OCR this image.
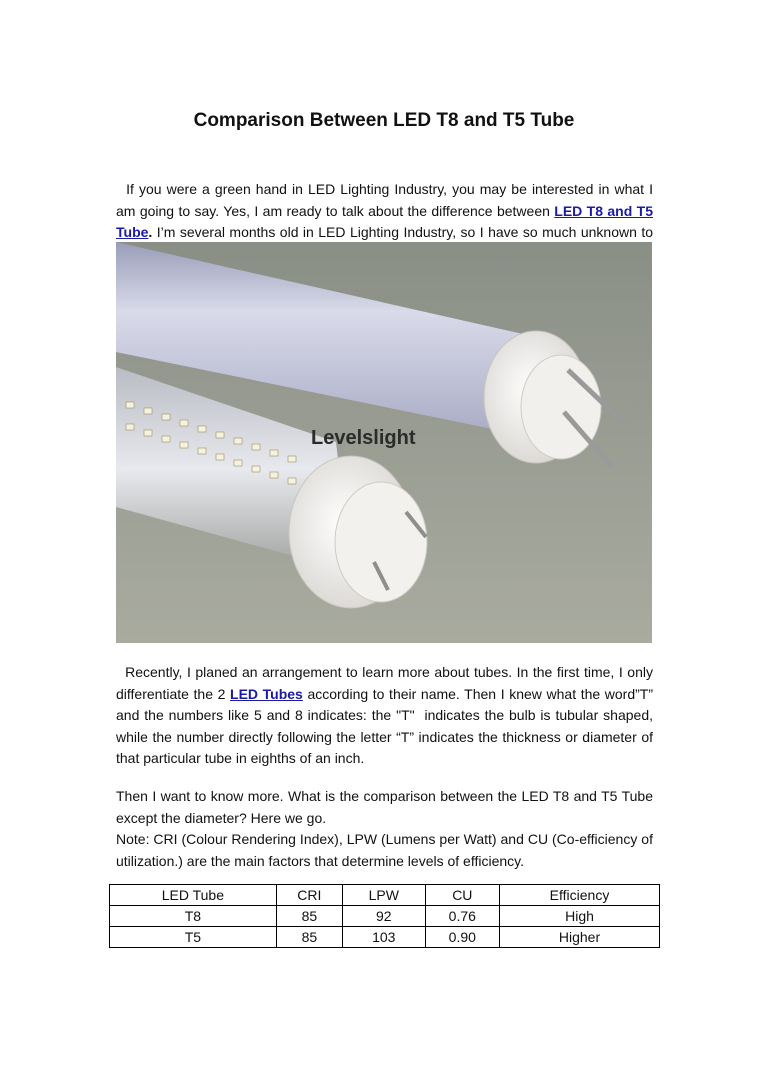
Comparison Between LED T8 and T5 Tube

If you were a green hand in LED Lighting Industry, you may be interested in what I am going to say. Yes, I am ready to talk about the difference between LED T8 and T5 Tube. I’m several months old in LED Lighting Industry, so I have so much unknown to

Levelslight

Recently, I planed an arrangement to learn more about tubes. In the first time, I only differentiate the 2 LED Tubes according to their name. Then I knew what the word”T” and the numbers like 5 and 8 indicates: the "T"  indicates the bulb is tubular shaped, while the number directly following the letter “T” indicates the thickness or diameter of that particular tube in eighths of an inch.

Then I want to know more. What is the comparison between the LED T8 and T5 Tube except the diameter? Here we go.
Note: CRI (Colour Rendering Index), LPW (Lumens per Watt) and CU (Co-efficiency of utilization.) are the main factors that determine levels of efficiency.

LED Tube	CRI	LPW	CU	Efficiency
T8	85	92	0.76	High
T5	85	103	0.90	Higher
